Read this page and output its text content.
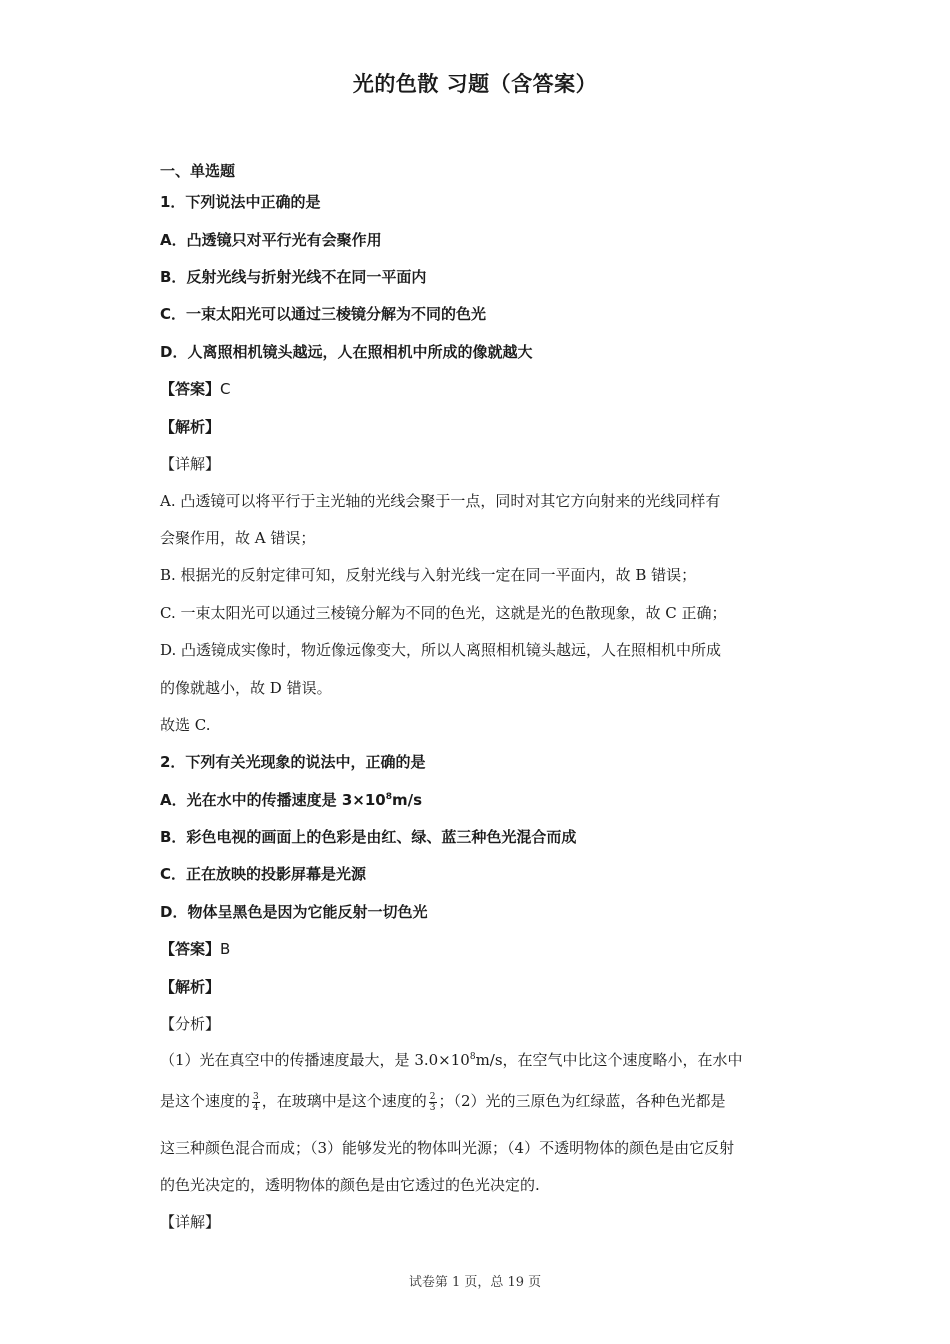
光的色散 习题（含答案）
一、单选题
1．下列说法中正确的是
A．凸透镜只对平行光有会聚作用
B．反射光线与折射光线不在同一平面内
C．一束太阳光可以通过三棱镜分解为不同的色光
D．人离照相机镜头越远，人在照相机中所成的像就越大
【答案】C
【解析】
【详解】
A. 凸透镜可以将平行于主光轴的光线会聚于一点，同时对其它方向射来的光线同样有
会聚作用，故 A 错误；
B. 根据光的反射定律可知，反射光线与入射光线一定在同一平面内，故 B 错误；
C. 一束太阳光可以通过三棱镜分解为不同的色光，这就是光的色散现象，故 C 正确；
D. 凸透镜成实像时，物近像远像变大，所以人离照相机镜头越远，人在照相机中所成
的像就越小，故 D 错误。
故选 C.
2．下列有关光现象的说法中，正确的是
A．光在水中的传播速度是 $3\times 10^8m/s$
B．彩色电视的画面上的色彩是由红、绿、蓝三种色光混合而成
C．正在放映的投影屏幕是光源
D．物体呈黑色是因为它能反射一切色光
【答案】B
【解析】
【分析】
（1）光在真空中的传播速度最大，是 $3.0\times 10^8m/s$，在空气中比这个速度略小，在水中
是这个速度的 $\frac{3}{4}$ ，在玻璃中是这个速度的 $\frac{2}{3}$ ；（2）光的三原色为红绿蓝，各种色光都是
这三种颜色混合而成；（3）能够发光的物体叫光源；（4）不透明物体的颜色是由它反射
的色光决定的，透明物体的颜色是由它透过的色光决定的.
【详解】
试卷第 1 页，总 19 页
